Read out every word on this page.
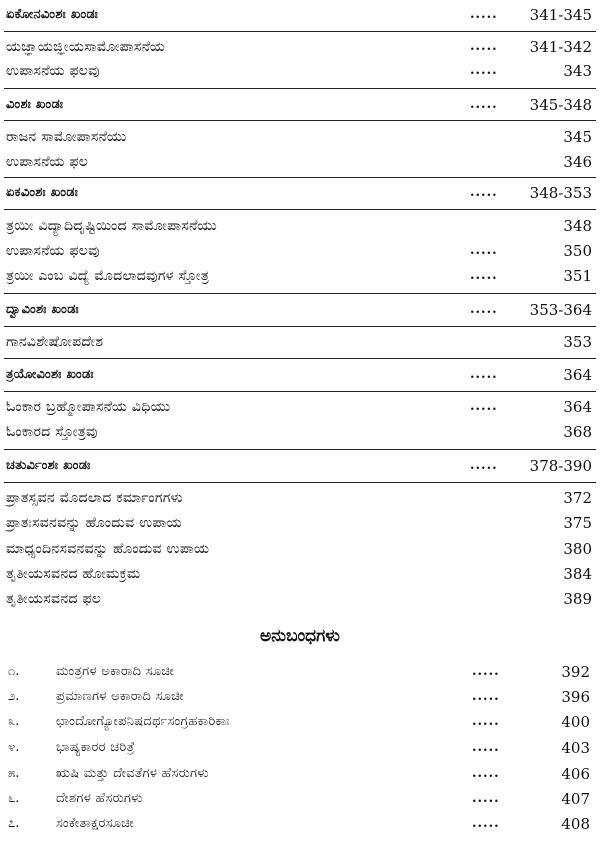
ಏಕೋನವಿಂಶಃ ಖಂಡಃ	..... 341-345
ಯಜ್ಞಾಯಜ್ಞೀಯಸಾಮೋಪಾಸನೆಯ	..... 341-342
ಉಪಾಸನೆಯ ಫಲವು	.....	343
ವಿಂಶಃ ಖಂಡಃ	..... 345-348
ರಾಜನ ಸಾಮೋಪಾಸನೆಯು	345
ಉಪಾಸನೆಯ ಫಲ	346
ಏಕವಿಂಶಃ ಖಂಡಃ	..... 348-353
ತ್ರಯೀ ವಿದ್ಯಾದಿದೃಷ್ಟಿಯಿಂದ ಸಾಮೋಪಾಸನೆಯು	348
ಉಪಾಸನೆಯ ಫಲವು	.....	350
ತ್ರಯೀ ಎಂಬ ವಿದ್ಯೆ ಮೊದಲಾದವುಗಳ ಸ್ತೋತ್ರ	.....	351
ದ್ವಾವಿಂಶಃ ಖಂಡಃ	..... 353-364
ಗಾನವಿಶೇಷೋಪದೇಶ	353
ತ್ರಯೋವಿಂಶಃ ಖಂಡಃ	.....	364
ಓಂಕಾರ ಬ್ರಹ್ಮೋಪಾಸನೆಯ ವಿಧಿಯು	.....	364
ಓಂಕಾರದ ಸ್ತೋತ್ರವು	368
ಚತುರ್ವಿಂಶಃ ಖಂಡಃ	..... 378-390
ಪ್ರಾತಸ್ಸವನ ಮೊದಲಾದ ಕರ್ಮಾಂಗಗಳು	372
ಪ್ರಾತಃಸವನವನ್ನು ಹೊಂದುವ ಉಪಾಯ	375
ಮಾಧ್ಯಂದಿನಸವನವನ್ನು ಹೊಂದುವ ಉಪಾಯ	380
ತೃತೀಯಸವನದ ಹೋಮಕ್ರಮ	384
ತೃತೀಯಸವನದ ಫಲ	389
ಅನುಬಂಧಗಳು
೧.	ಮಂತ್ರಗಳ ಅಕಾರಾದಿ ಸೂಚೀ	.....	392
೨.	ಪ್ರಮಾಣಗಳ ಅಕಾರಾದಿ ಸೂಚೀ	.....	396
೩.	ಛಾಂದೋಗ್ಯೋಪನಿಷದರ್ಥಸಂಗ್ರಹಕಾರಿಕಾಃ	.....	400
೪.	ಭಾಷ್ಯಕಾರರ ಚರಿತ್ರೆ	.....	403
೫.	ಋಷಿ ಮತ್ತು ದೇವತೆಗಳ ಹೆಸರುಗಳು	.....	406
೬.	ದೇಶಗಳ ಹೆಸರುಗಳು	.....	407
೭.	ಸಂಕೇತಾಕ್ಷರಸೂಚೀ	.....	408
